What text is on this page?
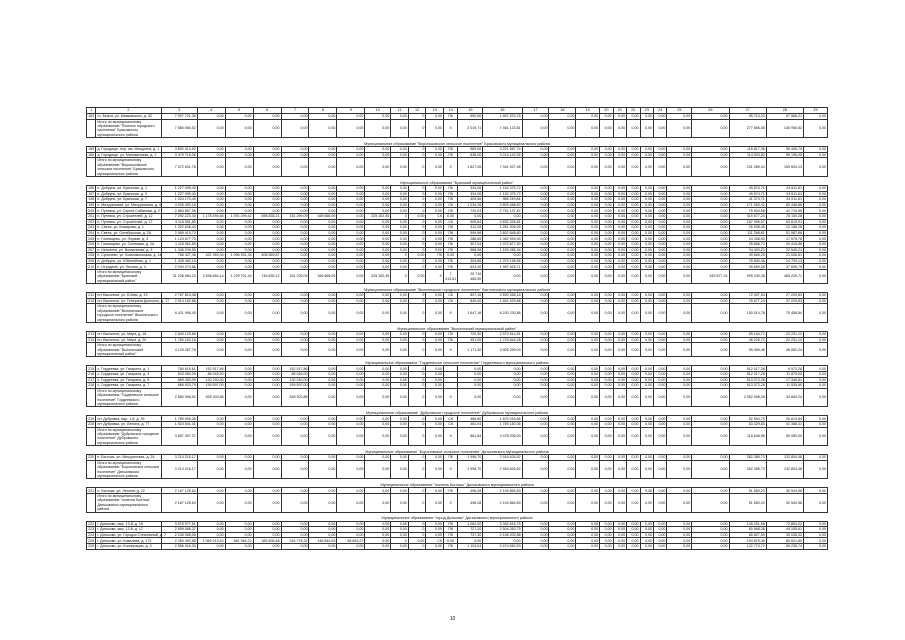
1	2	3	4	5	6	7	8	9	10	11	12	13	14	15	16	17	18	19	20	21	22	23	24	25	26	27	28	29
163	гп. Бежта, ул. Маяковского, д. 32	7 097 721,38	0,00	0,00	0,00	0,00	0,00	0,00	0,00	0,00	0	0,00	ПК	590,60	1 857 533,78	0,00	0,00	0,00	0,00	0,00	0,00	0,00	0,00	0,00	0,00	95 713,33	97 566,21	0,00
	Итого по муниципальному образованию "Поселок городского населения" Брасовского муниципального района	7 880 060,52	0,00	0,00	0,00	0,00	0,00	0,00	0,00	0,00	0	0,00	X	2 019,71	7 461 133,81	0,00	0,00	0,00	0,00	0,00	0,00	0,00	0,00	0,00	0,00	277 856,58	140 950,52	0,00
Муниципальное образование "Вороньковское сельское поселение" Брасовского муниципального района																												
165	д. Городище, пер. им. Мичурина, д. 1	3 892 913,52	0,00	0,00	0,00	0,00	0,00	0,00	0,00	0,00	0	0,00	ПК	989,06	3 221 987,74	0,00	0,00	0,00	0,00	0,00	0,00	0,00	0,00	0,00	0,00	116 817,36	96 408,79	0,00
166	д. Городище, ул. Маловичская, д. 1	3 479 718,06	0,00	0,00	0,00	0,00	0,00	0,00	0,00	0,00	0	0,00	ПК	838,00	3 214 142,35	0,00	0,00	0,00	0,00	0,00	0,00	0,00	0,00	0,00	0,00	114 003,50	96 196,05	0,00
	Итого по муниципальному образованию "Вороньковское сельское поселение" Брасовского муниципального района	7 372 631,78	0,00	0,00	0,00	0,00	0,00	0,00	0,00	0,00	0	0,00	X	1 827,06	7 041 927,46	0,00	0,00	0,00	0,00	0,00	0,00	0,00	0,00	0,00	0,00	231 089,34	159 604,13	0,00
Муниципальное образование "Брянский муниципальный район"																												
196	п. Добрунь, ул. Брянская, д. 1	1 227 099,40	0,00	0,00	0,00	0,00	0,00	0,00	0,00	0,00	0	0,00	ПК	334,06	1 152 375,72	0,00	0,00	0,00	0,00	0,00	0,00	0,00	0,00	0,00	0,00	49 574,71	24 611,61	0,00
197	п. Добрунь, ул. Брянская, д. 3	1 227 099,40	0,00	0,00	0,00	0,00	0,00	0,00	0,00	0,00	0	0,00	ПК	334,06	1 152 375,72	0,00	0,00	0,00	0,00	0,00	0,00	0,00	0,00	0,00	0,00	49 574,71	24 611,61	0,00
198	п. Добрунь, ул. Брянская, д. 7	1 024 170,45	0,00	0,00	0,00	0,00	0,00	0,00	0,00	0,00	0	0,00	ПК	405,56	958 249,84	0,00	0,00	0,00	0,00	0,00	0,00	0,00	0,00	0,00	0,00	41 374,71	24 011,61	0,00
199	п. Мичуринский, ул. Мичуринская, д. 9	4 035 400,18	0,00	0,00	0,00	0,00	0,00	0,00	0,00	0,00	0	0,00	СК	1 034,26	3 809 488,50	0,00	0,00	0,00	0,00	0,00	0,00	0,00	0,00	0,00	0,00	171 063,42	80 448,86	0,00
200	п. Путевка, ул. Сергея Сабанова, д. 2	2 864 857,56	0,00	0,00	0,00	0,00	0,00	0,00	0,00	0,00	0	0,00	ПК	720,04	2 751 137,87	0,00	0,00	0,00	0,00	0,00	0,00	0,00	0,00	0,00	0,00	75 904,58	42 715,65	0,00
201	п. Путевка, ул. Строителей, д. 12	7 292 223,40	1 178 494,84	1 091 299,42	698 835,21	151 299,09	169 666,09	0,00	225 162,45	0	0,00	СК	0,00	0,00	0,00	0,00	0,00	0,00	0,00	0,00	0,00	0,00	0,00	0,00	0,00	315 677,24	78 150,28	0,00
202	п. Путевка, ул. Строителей, д. 17	4 118 591,85	0,00	0,00	0,00	0,00	0,00	0,00	0,00	0,00	0	0,00	СК	905,84	3 832 326,81	0,00	0,00	0,00	0,00	0,00	0,00	0,00	0,00	0,00	0,00	167 955,57	83 615,91	0,00
203	п. Свень, ул. Комарова, д. 1	1 322 636,44	0,00	0,00	0,00	0,00	0,00	0,00	0,00	0,00	0	0,00	ПК	312,08	1 281 306,05	0,00	0,00	0,00	0,00	0,00	0,00	0,00	0,00	0,00	0,00	26 938,45	12 188,28	0,00
204	п. Свень, ул. Октябрьская, д. 2А	2 969 415,73	0,00	0,00	0,00	0,00	0,00	0,00	0,00	0,00	0	0,00	ПК	599,98	2 802 848,60	0,00	0,00	0,00	0,00	0,00	0,00	0,00	0,00	0,00	0,00	111 268,61	51 987,86	0,00
205	п. Глинищево, ул. Первая, д. 3	1 124 677,75	0,00	0,00	0,00	0,00	0,00	0,00	0,00	0,00	0	0,00	ПК	288,65	1 082 993,93	0,00	0,00	0,00	0,00	0,00	0,00	0,00	0,00	0,00	0,00	24 338,83	17 575,78	0,00
206	п. Глинищево, ул. Сосновая, д. 2А	1 118 962,85	0,00	0,00	0,00	0,00	0,00	0,00	0,00	0,00	0	0,00	ПК	307,04	1 072 877,90	0,00	0,00	0,00	0,00	0,00	0,00	0,00	0,00	0,00	0,00	25 666,73	20 418,86	0,00
207	п. Нетьинка, ул. Вокзальная, д. 9	1 346 249,55	0,00	0,00	0,00	0,00	0,00	0,00	0,00	0,00	0	0,00	ПК	586,08	1 159 286,34	0,00	0,00	0,00	0,00	0,00	0,00	0,00	0,00	0,00	0,00	34 403,20	22 545,21	0,00
208	п. Супонево, ул. Комсомольская, д. 14	786 427,46	421 959,34	1 096 931,34	408 569,87	0,00	0,00	0,00	0,00	0	0,00	ПК	0,00	0,00	0,00	0,00	0,00	0,00	0,00	0,00	0,00	0,00	0,00	0,00	0,00	49 665,29	21 006,81	0,00
209	п. Добрунь, ул. Юбилейная, д. 1	1 428 463,15	0,00	0,00	0,00	0,00	0,00	0,00	0,00	0,00	0	0,00	ПК	304,86	1 379 158,96	0,00	0,00	0,00	0,00	0,00	0,00	0,00	0,00	0,00	0,00	76 840,46	24 793,13	0,00
210	п. Отрадное, ул. Лесная, д. 4	2 034 274,66	0,00	0,00	0,00	0,00	0,00	0,00	0,00	0,00	0	0,00	ПК	623,40	1 967 625,71	0,00	0,00	0,00	0,00	0,00	0,00	0,00	0,00	0,00	0,00	35 859,08	37 606,79	0,00
	Итого по муниципальному образованию "Брянский муниципальный район"	31 238 984,23	3 596 654,14	1 239 701,44	749 635,12	161 299,09	169 666,09	0,00	225 162,45	0	0,00	X	7 413,61	25 716 465,50	0,00	0,00	0,00	0,00	0,00	0,00	0,00	0,00	0,00	0,00	515 677,24	995 240,38	465 229,71	0,00
Муниципальное образование "Выгоничское городское поселение" Выгоничского муниципального района																												
211	пгт Выгоничи, ул. Б.Мая, д. 19	2 787 813,48	0,00	0,00	0,00	0,00	0,00	0,00	0,00	0,00	0	0,00	СК	807,16	2 692 458,18	0,00	0,00	0,00	0,00	0,00	0,00	0,00	0,00	0,00	0,00	72 007,54	27 229,83	0,00
212	пгт Выгоничи, ул. Генерала Донского, д. 17	2 914 182,88	0,00	0,00	0,00	0,00	0,00	0,00	0,00	0,00	0	0,00	СК	840,00	1 841 429,88	0,00	0,00	0,00	0,00	0,00	0,00	0,00	0,00	0,00	0,00	78 677,24	37 229,83	0,00
	Итого по муниципальному образованию "Выгоничское городское поселение" Выгоничского муниципального района	6 411 996,45	0,00	0,00	0,00	0,00	0,00	0,00	0,00	0,00	0	0,00	X	1 647,16	6 230 230,86	0,00	0,00	0,00	0,00	0,00	0,00	0,00	0,00	0,00	0,00	150 014,78	75 458,84	0,00
Муниципальное образование "Выгоничский муниципальный район"																												
213	пгт Выгоничи, ул. Мира, д. 18	2 845 125,88	0,00	0,00	0,00	0,00	0,00	0,00	0,00	0,00	0	0,00	ПК	720,30	2 573 814,81	0,00	0,00	0,00	0,00	0,00	0,00	0,00	0,00	0,00	0,00	55 164,72	23 231,12	0,00
214	пгт Выгоничи, ул. Мира, д. 20	1 780 162,18	0,00	0,00	0,00	0,00	0,00	0,00	0,00	0,00	0	0,00	ПК	451,00	1 733 644,28	0,00	0,00	0,00	0,00	0,00	0,00	0,00	0,00	0,00	0,00	46 226,72	22 231,12	0,00
	Итого по муниципальному образованию "Выгоничский муниципальный район"	4 125 287,78	0,00	0,00	0,00	0,00	0,00	0,00	0,00	0,00	0	0,00	X	1 171,30	3 905 259,09	0,00	0,00	0,00	0,00	0,00	0,00	0,00	0,00	0,00	0,00	95 459,46	46 062,24	0,00
Муниципальное образование "Гордеевское сельское поселение" Гордеевского муниципального района																												
215	с. Гордеевка, ул. Гагарина, д. 1	760 616,61	152 517,86	0,00	0,00	152 517,86	0,00	0,00	0,00	0,00	0	0,00		0,00	0,00	0,00	0,00	0,00	0,00	0,00	0,00	0,00	0,00	0,00	0,00	512 017,28	9 573,28	0,00
216	с. Гордеевка, ул. Гагарина, д. 3	633 960,09	86 049,00	0,00	0,00	86 049,00	0,00	0,00	0,00	0,00	0	0,00		0,00	0,00	0,00	0,00	0,00	0,00	0,00	0,00	0,00	0,00	0,00	0,00	512 017,28	11 875,05	0,00
217	с. Гордеевка, ул. Гагарина, д. 5	889 483,09	130 240,00	0,00	0,00	130 240,00	0,00	0,00	0,00	0,00	0	0,00		0,00	0,00	0,00	0,00	0,00	0,00	0,00	0,00	0,00	0,00	0,00	0,00	513 073,28	17 349,81	0,00
218	с. Гордеевка, ул. Гагарина, д. 7	666 933,79	159 597,00	0,00	0,00	159 597,00	0,00	0,00	0,00	0,00	0	0,00		0,00	0,00	0,00	0,00	0,00	0,00	0,00	0,00	0,00	0,00	0,00	0,00	513 073,28	11 535,60	0,00
	Итого по муниципальному образованию "Гордеевское сельское поселение" Гордеевского муниципального района	2 880 998,52	528 303,86	0,00	0,00	528 303,86	0,00	0,00	0,00	0,00	0	0,00	X	0,00	0,00	0,00	0,00	0,00	0,00	0,00	0,00	0,00	0,00	0,00	0,00	2 052 098,28	34 664,24	0,00
Муниципальное образование "Дубровское городское поселение" Дубровского муниципального района																												
219	пгт Дубровка, мкр. 1-й, д. 26	1 789 906,36	0,00	0,00	0,00	0,00	0,00	0,00	0,00	0,00	0	0,00	СК	466,80	1 870 016,66	0,00	0,00	0,00	0,00	0,00	0,00	0,00	0,00	0,00	0,00	52 594,75	26 813,84	0,00
220	пгт Дубровка, ул. Ленина, д. 77	1 924 541,01	0,00	0,00	0,00	0,00	0,00	0,00	0,00	0,00	0	0,00	СК	461,04	1 759 182,06	0,00	0,00	0,00	0,00	0,00	0,00	0,00	0,00	0,00	0,00	63 329,83	31 388,31	0,00
	Итого по муниципальному образованию "Дубровское городское поселение" Дубровского муниципального района	3 657 407,37	0,00	0,00	0,00	0,00	0,00	0,00	0,00	0,00	0	0,00	X	861,84	3 478 208,00	0,00	0,00	0,00	0,00	0,00	0,00	0,00	0,00	0,00	0,00	115 646,56	59 080,00	0,00
Муниципальное образование "Бороновское сельское поселение" Дятьковского муниципального района																												
220	п. Бытошь, ул. Мичуринская, д. 24	3 214 216,17	0,00	0,00	0,00	0,00	0,00	0,00	0,00	0,00	0	0,00	ПК	1 998,70	2 916 626,52	0,00	0,00	0,00	0,00	0,00	0,00	0,00	0,00	0,00	0,00	262 385,73	132 804,48	0,00
	Итого по муниципальному образованию "Бороновское сельское поселение" Дятьковского муниципального района	3 214 216,17	0,00	0,00	0,00	0,00	0,00	0,00	0,00	0,00	0	0,00	X	1 998,70	2 916 626,52	0,00	0,00	0,00	0,00	0,00	0,00	0,00	0,00	0,00	0,00	262 385,73	132 804,48	0,00
Муниципальное образование "поселок Бытошь" Дятьковского муниципального района																												
221	п. Бытошь, ул. Ленина, д. 22	2 167 126,64	0,00	0,00	0,00	0,00	0,00	0,00	0,00	0,00	0	0,00	ПК	496,28	2 104 864,83	0,00	0,00	0,00	0,00	0,00	0,00	0,00	0,00	0,00	0,00	51 583,20	30 544,56	0,00
	Итого по муниципальному образованию "поселок Бытошь" Дятьковского муниципального района	2 167 126,64	0,00	0,00	0,00	0,00	0,00	0,00	0,00	0,00	0	0,00	X	496,28	2 104 864,83	0,00	0,00	0,00	0,00	0,00	0,00	0,00	0,00	0,00	0,00	51 583,20	30 544,56	0,00
Муниципальное образование "город Дятьково" Дятьковского муниципального района																												
222	г. Дятьково, мкр. 13-й, д. 15	3 575 977,51	0,00	0,00	0,00	0,00	0,00	0,00	0,00	0,00	0	0,00	ПК	1 062,00	3 352 616,75	0,00	0,00	0,00	0,00	0,00	0,00	0,00	0,00	0,00	0,00	145 251,66	72 863,02	0,00
223	г. Дятьково, мкр. 13-й, д. 17	2 659 066,37	0,00	0,00	0,00	0,00	0,00	0,00	0,00	0,00	0	0,00	ПК	727,20	2 504 263,75	0,00	0,00	0,00	0,00	0,00	0,00	0,00	0,00	0,00	0,00	80 968,38	44 155,61	0,00
224	г. Дятьково, ул. Городок Стекольный, д. 7	2 245 065,06	0,00	0,00	0,00	0,00	0,00	0,00	0,00	0,00	0	0,00	ПК	737,30	2 146 202,86	0,00	0,00	0,00	0,00	0,00	0,00	0,00	0,00	0,00	0,00	65 827,59	35 036,32	0,00
225	г. Дятьково, ул. Ковалева, д. 173	2 260 492,88	1 069 213,63	581 964,22	383 605,48	244 776,32	146 844,53	58 643,27	0,00	0	0,00	СК	0,00	0,00	0,00	0,00	0,00	0,00	0,00	0,00	0,00	0,00	0,00	0,00	0,00	194 875,45	85 621,80	0,00
226	г. Дятьково, ул. Кооперации, д. 3	2 556 016,33	0,00	0,00	0,00	0,00	0,00	0,00	0,00	0,00	0	0,00	ПК	1 103,04	2 474 560,53	0,00	0,00	0,00	0,00	0,00	0,00	0,00	0,00	0,00	0,00	122 774,72	56 235,74	0,00
10
